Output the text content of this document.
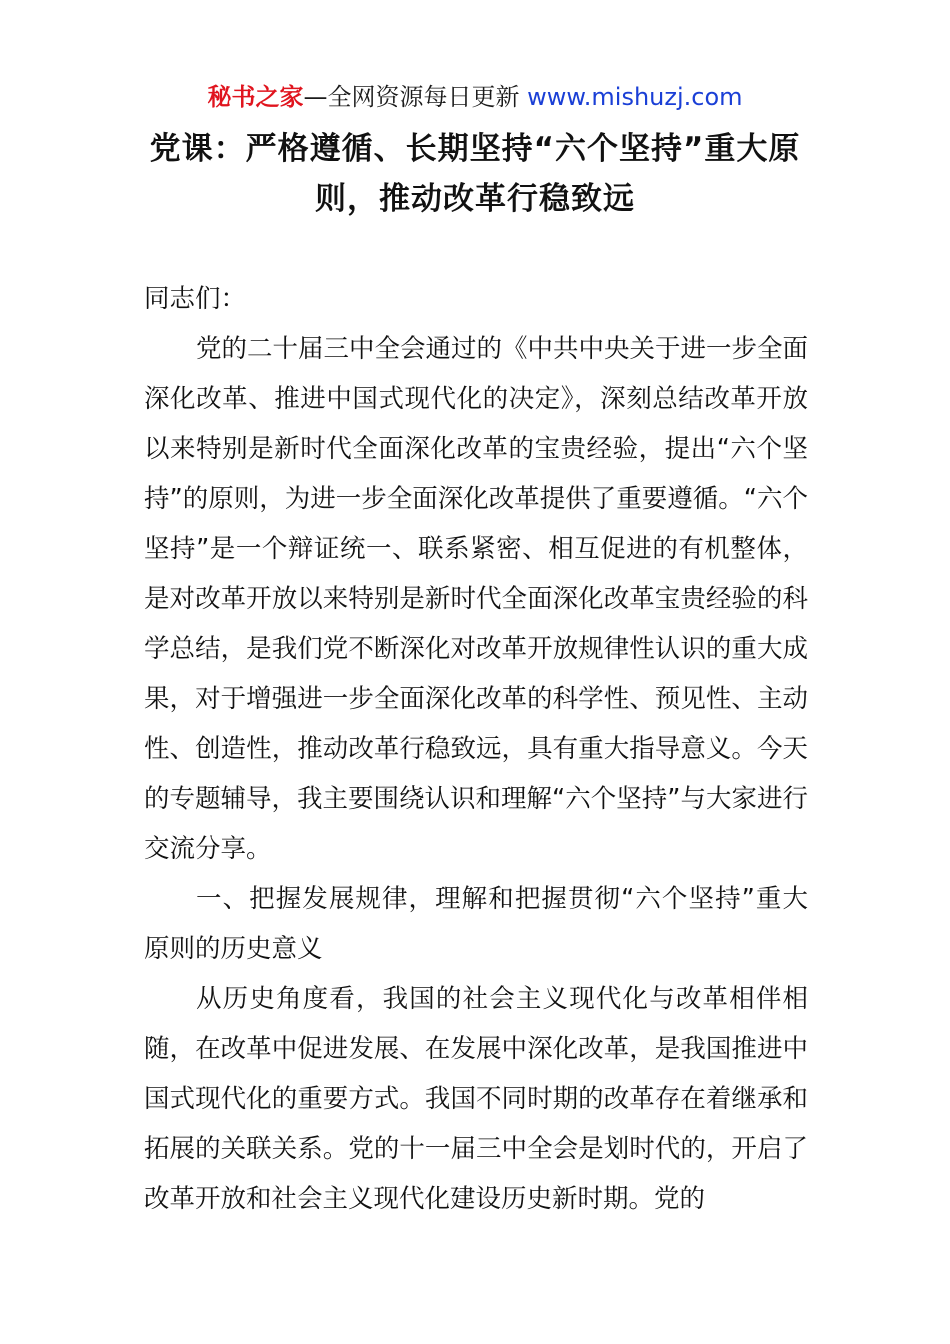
秘书之家—全网资源每日更新 www.mishuzj.com
党课：严格遵循、长期坚持“六个坚持”重大原则，推动改革行稳致远

同志们：

党的二十届三中全会通过的《中共中央关于进一步全面深化改革、推进中国式现代化的决定》，深刻总结改革开放以来特别是新时代全面深化改革的宝贵经验，提出“六个坚持”的原则，为进一步全面深化改革提供了重要遵循。“六个坚持”是一个辩证统一、联系紧密、相互促进的有机整体，是对改革开放以来特别是新时代全面深化改革宝贵经验的科学总结，是我们党不断深化对改革开放规律性认识的重大成果，对于增强进一步全面深化改革的科学性、预见性、主动性、创造性，推动改革行稳致远，具有重大指导意义。今天的专题辅导，我主要围绕认识和理解“六个坚持”与大家进行交流分享。

一、把握发展规律，理解和把握贯彻“六个坚持”重大原则的历史意义

从历史角度看，我国的社会主义现代化与改革相伴相随，在改革中促进发展、在发展中深化改革，是我国推进中国式现代化的重要方式。我国不同时期的改革存在着继承和拓展的关联关系。党的十一届三中全会是划时代的，开启了改革开放和社会主义现代化建设历史新时期。党的
